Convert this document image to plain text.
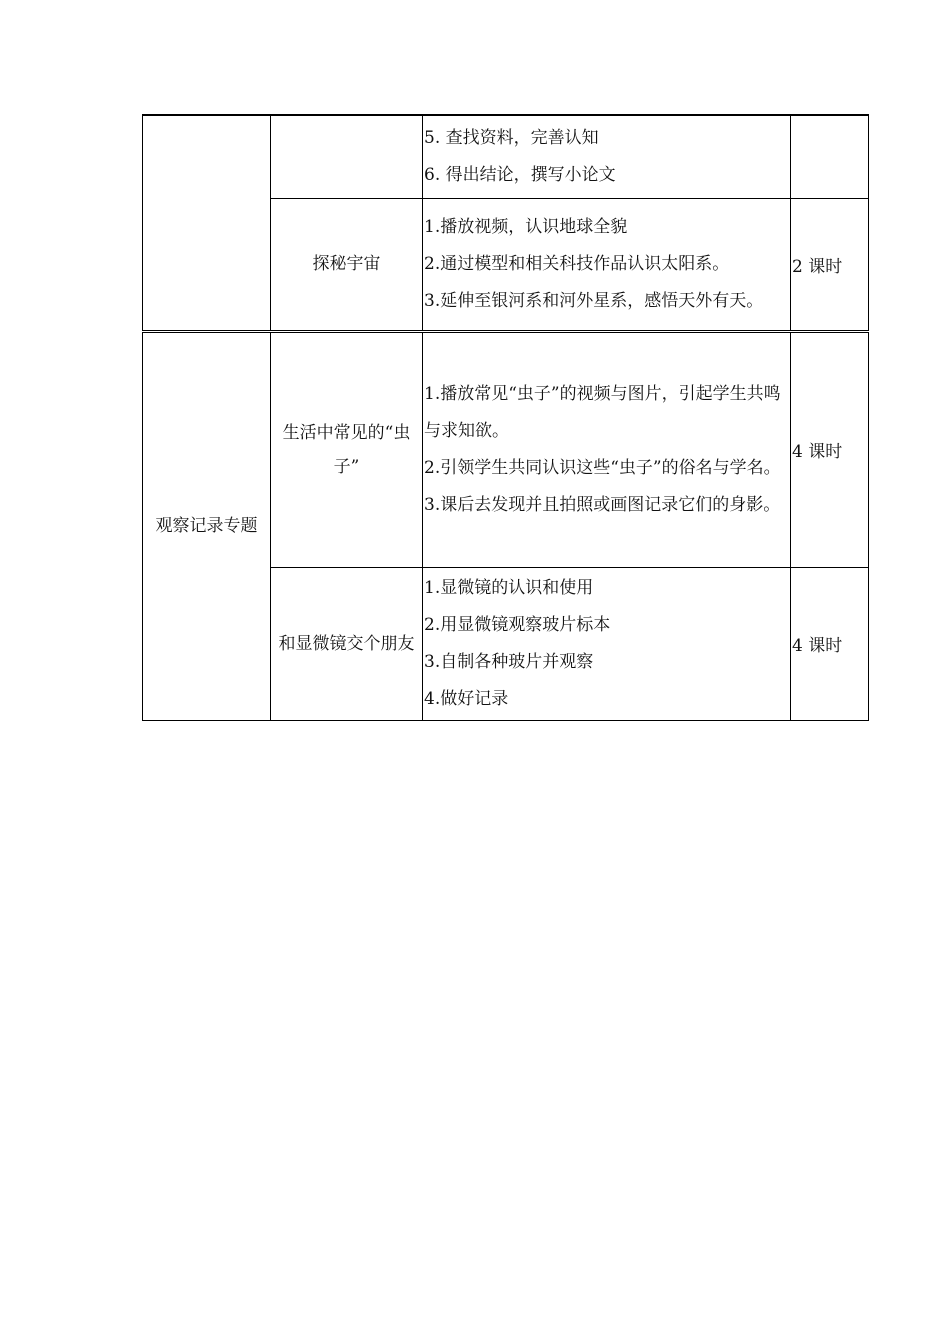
		5. 查找资料，完善认知
6. 得出结论，撰写小论文	

	探秘宇宙	1.播放视频，认识地球全貌
2.通过模型和相关科技作品认识太阳系。
3.延伸至银河系和河外星系，感悟天外有天。	2 课时
观察记录专题	生活中常见的“虫子”	1.播放常见“虫子”的视频与图片，引起学生共鸣与求知欲。
2.引领学生共同认识这些“虫子”的俗名与学名。
3.课后去发现并且拍照或画图记录它们的身影。	4 课时
	和显微镜交个朋友	1.显微镜的认识和使用
2.用显微镜观察玻片标本
3.自制各种玻片并观察
4.做好记录	4 课时
